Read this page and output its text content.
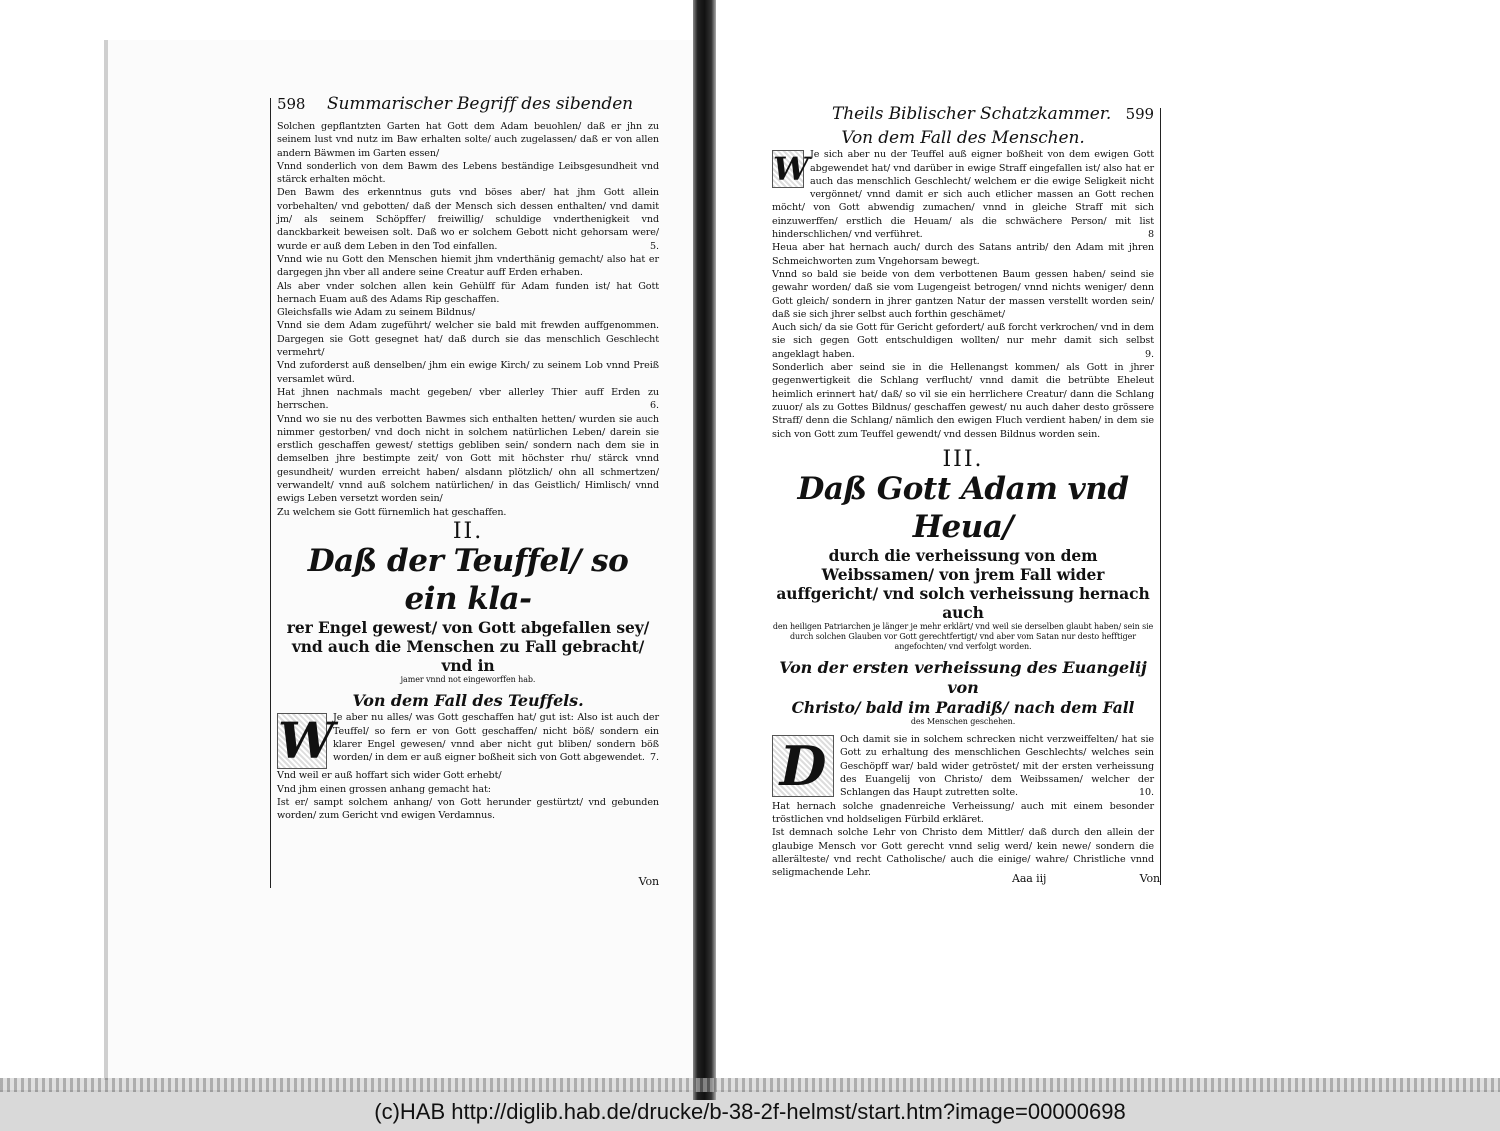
598 Summarischer Begriff des sibenden

Solchen gepflantzten Garten hat Gott dem Adam beuohlen/ daß er jhn zu seinem lust vnd nutz im Baw erhalten solte/ auch zugelassen/ daß er von allen andern Bäwmen im Garten essen/

Vnnd sonderlich von dem Bawm des Lebens beständige Leibsgesundheit vnd stärck erhalten möcht.

Den Bawm des erkenntnus guts vnd böses aber/ hat jhm Gott allein vorbehalten/ vnd gebotten/ daß der Mensch sich dessen enthalten/ vnd damit jm/ als seinem Schöpffer/ freiwillig/ schuldige vnderthenigkeit vnd danckbarkeit beweisen solt. Daß wo er solchem Gebott nicht gehorsam were/ wurde er auß dem Leben in den Tod einfallen.	5.

Vnnd wie nu Gott den Menschen hiemit jhm vnderthänig gemacht/ also hat er dargegen jhn vber all andere seine Creatur auff Erden erhaben.

Als aber vnder solchen allen kein Gehülff für Adam funden ist/ hat Gott hernach Euam auß des Adams Rip geschaffen.

Gleichsfalls wie Adam zu seinem Bildnus/

Vnnd sie dem Adam zugeführt/ welcher sie bald mit frewden auffgenommen. Dargegen sie Gott gesegnet hat/ daß durch sie das menschlich Geschlecht vermehrt/

Vnd zuforderst auß denselben/ jhm ein ewige Kirch/ zu seinem Lob vnnd Preiß versamlet würd.

Hat jhnen nachmals macht gegeben/ vber allerley Thier auff Erden zu herrschen.	6.

Vnnd wo sie nu des verbotten Bawmes sich enthalten hetten/ wurden sie auch nimmer gestorben/ vnd doch nicht in solchem natürlichen Leben/ darein sie erstlich geschaffen gewest/ stettigs gebliben sein/ sondern nach dem sie in demselben jhre bestimpte zeit/ von Gott mit höchster rhu/ stärck vnnd gesundheit/ wurden erreicht haben/ alsdann plötzlich/ ohn all schmertzen/ verwandelt/ vnnd auß solchem natürlichen/ in das Geistlich/ Himlisch/ vnnd ewigs Leben versetzt worden sein/

Zu welchem sie Gott fürnemlich hat geschaffen.

II.
Daß der Teuffel/ so ein kla-
rer Engel gewest/ von Gott abgefallen sey/ vnd auch die Menschen zu Fall gebracht/ vnd in
jamer vnnd not eingeworffen hab.
Von dem Fall des Teuffels.
W

Je aber nu alles/ was Gott geschaffen hat/ gut ist: Also ist auch der Teuffel/ so fern er von Gott geschaffen/ nicht böß/ sondern ein klarer Engel gewesen/ vnnd aber nicht gut bliben/ sondern böß worden/ in dem er auß eigner boßheit sich von Gott abgewendet. 7.

Vnd weil er auß hoffart sich wider Gott erhebt/

Vnd jhm einen grossen anhang gemacht hat:

Ist er/ sampt solchem anhang/ von Gott herunder gestürtzt/ vnd gebunden worden/ zum Gericht vnd ewigen Verdamnus.

Von
Theils Biblischer Schatzkammer. 599
Von dem Fall des Menschen.
W Je sich aber nu der Teuffel auß eigner boßheit von dem ewigen Gott abgewendet hat/ vnd darüber in ewige Straff eingefallen ist/ also hat er auch das menschlich Geschlecht/ welchem er die ewige Seligkeit nicht vergönnet/ vnnd damit er sich auch etlicher massen an Gott rechen möcht/ von Gott abwendig zumachen/ vnnd in gleiche Straff mit sich einzuwerffen/ erstlich die Heuam/ als die schwächere Person/ mit list hinderschlichen/ vnd verführet.	8

Heua aber hat hernach auch/ durch des Satans antrib/ den Adam mit jhren Schmeichworten zum Vngehorsam bewegt.

Vnnd so bald sie beide von dem verbottenen Baum gessen haben/ seind sie gewahr worden/ daß sie vom Lugengeist betrogen/ vnnd nichts weniger/ denn Gott gleich/ sondern in jhrer gantzen Natur der massen verstellt worden sein/ daß sie sich jhrer selbst auch forthin geschämet/

Auch sich/ da sie Gott für Gericht gefordert/ auß forcht verkrochen/ vnd in dem sie sich gegen Gott entschuldigen wollten/ nur mehr damit sich selbst angeklagt haben.	9.

Sonderlich aber seind sie in die Hellenangst kommen/ als Gott in jhrer gegenwertigkeit die Schlang verflucht/ vnnd damit die betrübte Eheleut heimlich erinnert hat/ daß/ so vil sie ein herrlichere Creatur/ dann die Schlang zuuor/ als zu Gottes Bildnus/ geschaffen gewest/ nu auch daher desto grössere Straff/ denn die Schlang/ nämlich den ewigen Fluch verdient haben/ in dem sie sich von Gott zum Teuffel gewendt/ vnd dessen Bildnus worden sein.

III.
Daß Gott Adam vnd Heua/
durch die verheissung von dem Weibssamen/ von jrem Fall wider auffgericht/ vnd solch verheissung hernach auch
den heiligen Patriarchen je länger je mehr erklärt/ vnd weil sie derselben glaubt haben/ sein sie durch solchen Glauben vor Gott gerechtfertigt/ vnd aber vom Satan nur desto hefftiger angefochten/ vnd verfolgt worden.
Von der ersten verheissung des Euangelij von
Christo/ bald im Paradiß/ nach dem Fall
des Menschen geschehen.
D	Och damit sie in solchem schrecken nicht verzweiffelten/ hat sie Gott zu erhaltung des menschlichen Geschlechts/ welches sein Geschöpff war/ bald wider getröstet/ mit der ersten verheissung des Euangelij von Christo/ dem Weibssamen/ welcher der Schlangen das Haupt zutretten solte.	10.

Hat hernach solche gnadenreiche Verheissung/ auch mit einem besonder tröstlichen vnd holdseligen Fürbild erkläret.

Ist demnach solche Lehr von Christo dem Mittler/ daß durch den allein der glaubige Mensch vor Gott gerecht vnnd selig werd/ kein newe/ sondern die allerälteste/ vnd recht Catholische/ auch die einige/ wahre/ Christliche vnnd seligmachende Lehr.	Aaa iij	Von
(c)HAB http://diglib.hab.de/drucke/b-38-2f-helmst/start.htm?image=00000698
